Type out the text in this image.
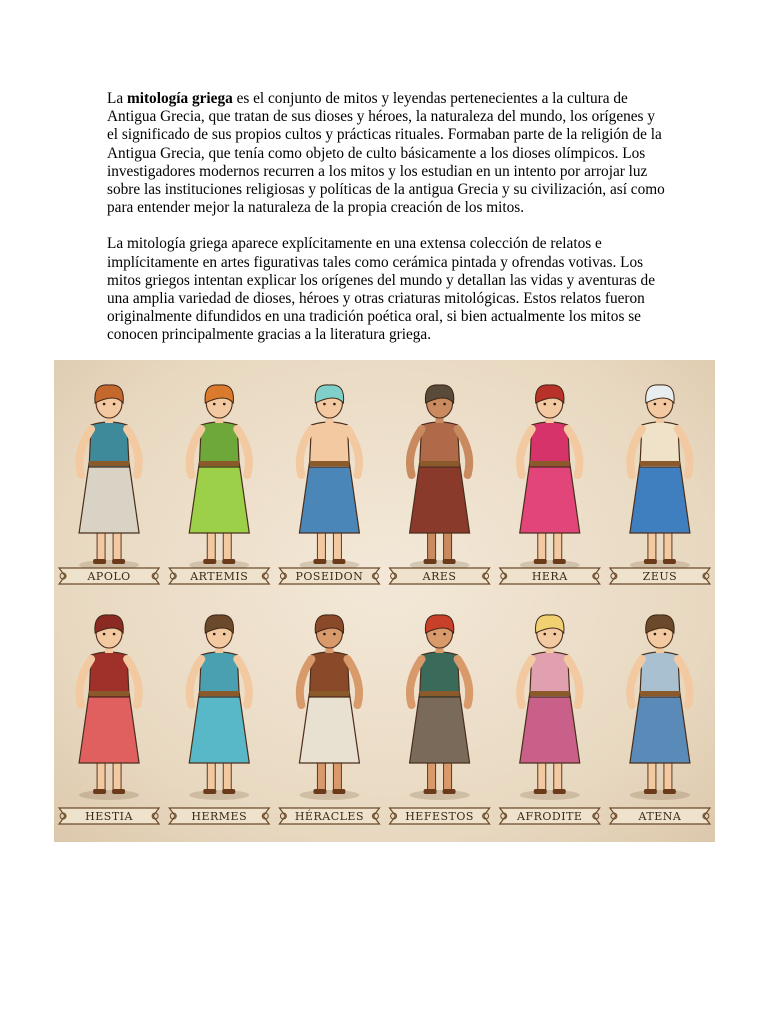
La mitología griega es el conjunto de mitos y leyendas pertenecientes a la cultura de Antigua Grecia, que tratan de sus dioses y héroes, la naturaleza del mundo, los orígenes y el significado de sus propios cultos y prácticas rituales. Formaban parte de la religión de la Antigua Grecia, que tenía como objeto de culto básicamente a los dioses olímpicos. Los investigadores modernos recurren a los mitos y los estudian en un intento por arrojar luz sobre las instituciones religiosas y políticas de la antigua Grecia y su civilización, así como para entender mejor la naturaleza de la propia creación de los mitos.

La mitología griega aparece explícitamente en una extensa colección de relatos e implícitamente en artes figurativas tales como cerámica pintada y ofrendas votivas. Los mitos griegos intentan explicar los orígenes del mundo y detallan las vidas y aventuras de una amplia variedad de dioses, héroes y otras criaturas mitológicas. Estos relatos fueron originalmente difundidos en una tradición poética oral, si bien actualmente los mitos se conocen principalmente gracias a la literatura griega.

APOLO	ARTEMIS	POSEIDON	ARES	HERA	ZEUS
HESTIA	HERMES	HÉRACLES	HEFESTOS	AFRODITE	ATENA
